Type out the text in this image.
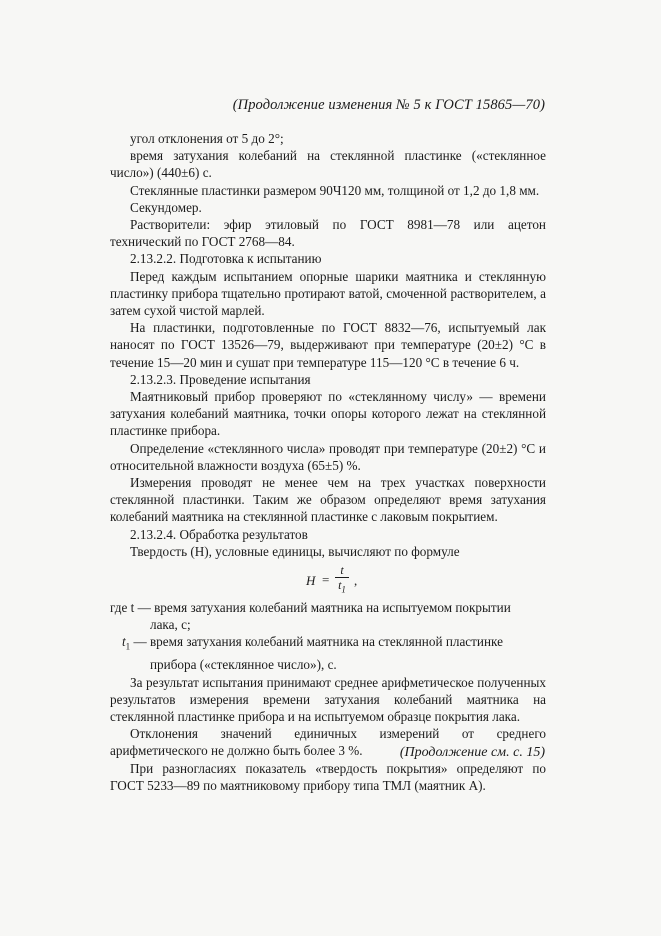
(Продолжение изменения № 5 к ГОСТ 15865—70)

угол отклонения от 5 до 2°;

время затухания колебаний на стеклянной пластинке («стеклянное число») (440±6) с.

Стеклянные пластинки размером 90Ч120 мм, толщиной от 1,2 до 1,8 мм.

Секундомер.

Растворители: эфир этиловый по ГОСТ 8981—78 или ацетон технический по ГОСТ 2768—84.

2.13.2.2. Подготовка к испытанию

Перед каждым испытанием опорные шарики маятника и стеклянную пластинку прибора тщательно протирают ватой, смоченной растворителем, а затем сухой чистой марлей.

На пластинки, подготовленные по ГОСТ 8832—76, испытуемый лак наносят по ГОСТ 13526—79, выдерживают при температуре (20±2) °С в течение 15—20 мин и сушат при температуре 115—120 °С в течение 6 ч.

2.13.2.3. Проведение испытания

Маятниковый прибор проверяют по «стеклянному числу» — времени затухания колебаний маятника, точки опоры которого лежат на стеклянной пластинке прибора.

Определение «стеклянного числа» проводят при температуре (20±2) °С и относительной влажности воздуха (65±5) %.

Измерения проводят не менее чем на трех участках поверхности стеклянной пластинки. Таким же образом определяют время затухания колебаний маятника на стеклянной пластинке с лаковым покрытием.

2.13.2.4. Обработка результатов

Твердость (Н), условные единицы, вычисляют по формуле

H =
t
$t_1$
,
где t — время затухания колебаний маятника на испытуемом покрытии
лака, с;
$t_1$ — время затухания колебаний маятника на стеклянной пластинке
прибора («стеклянное число»), с.

За результат испытания принимают среднее арифметическое полученных результатов измерения времени затухания колебаний маятника на стеклянной пластинке прибора и на испытуемом образце покрытия лака.

Отклонения значений единичных измерений от среднего арифметического не должно быть более 3 %.

При разногласиях показатель «твердость покрытия» определяют по ГОСТ 5233—89 по маятниковому прибору типа ТМЛ (маятник А).

(Продолжение см. с. 15)
